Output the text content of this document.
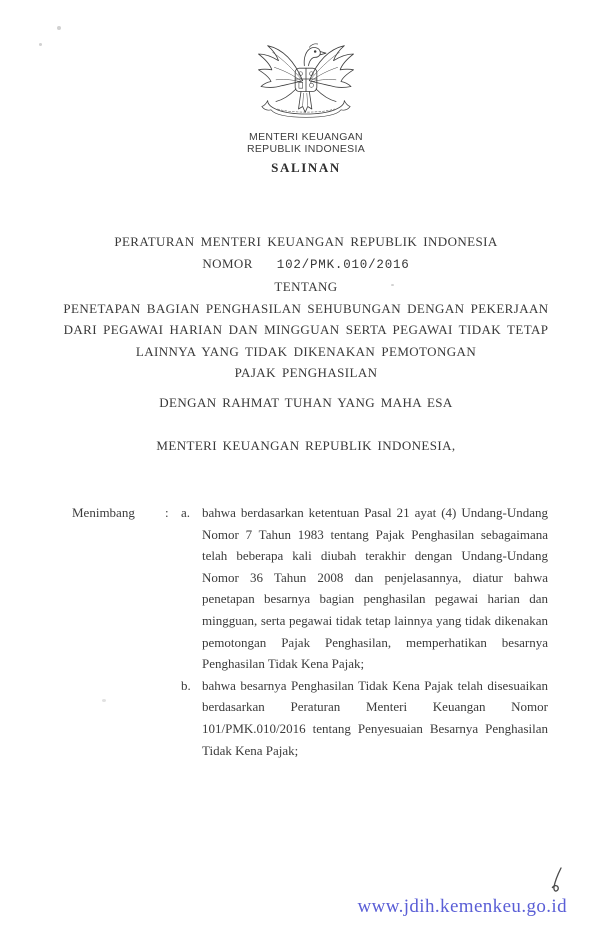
MENTERI KEUANGAN
REPUBLIK INDONESIA
SALINAN
PERATURAN MENTERI KEUANGAN REPUBLIK INDONESIA
NOMOR 102/PMK.010/2016
TENTANG
PENETAPAN BAGIAN PENGHASILAN SEHUBUNGAN DENGAN PEKERJAAN
DARI PEGAWAI HARIAN DAN MINGGUAN SERTA PEGAWAI TIDAK TETAP
LAINNYA YANG TIDAK DIKENAKAN PEMOTONGAN
PAJAK PENGHASILAN
DENGAN RAHMAT TUHAN YANG MAHA ESA
MENTERI KEUANGAN REPUBLIK INDONESIA,
Menimbang	: a. bahwa berdasarkan ketentuan Pasal 21 ayat (4) Undang-Undang Nomor 7 Tahun 1983 tentang Pajak Penghasilan sebagaimana telah beberapa kali diubah terakhir dengan Undang-Undang Nomor 36 Tahun 2008 dan penjelasannya, diatur bahwa penetapan besarnya bagian penghasilan pegawai harian dan mingguan, serta pegawai tidak tetap lainnya yang tidak dikenakan pemotongan Pajak Penghasilan, memperhatikan besarnya Penghasilan Tidak Kena Pajak;
b. bahwa besarnya Penghasilan Tidak Kena Pajak telah disesuaikan berdasarkan Peraturan Menteri Keuangan Nomor 101/PMK.010/2016 tentang Penyesuaian Besarnya Penghasilan Tidak Kena Pajak;
www.jdih.kemenkeu.go.id
